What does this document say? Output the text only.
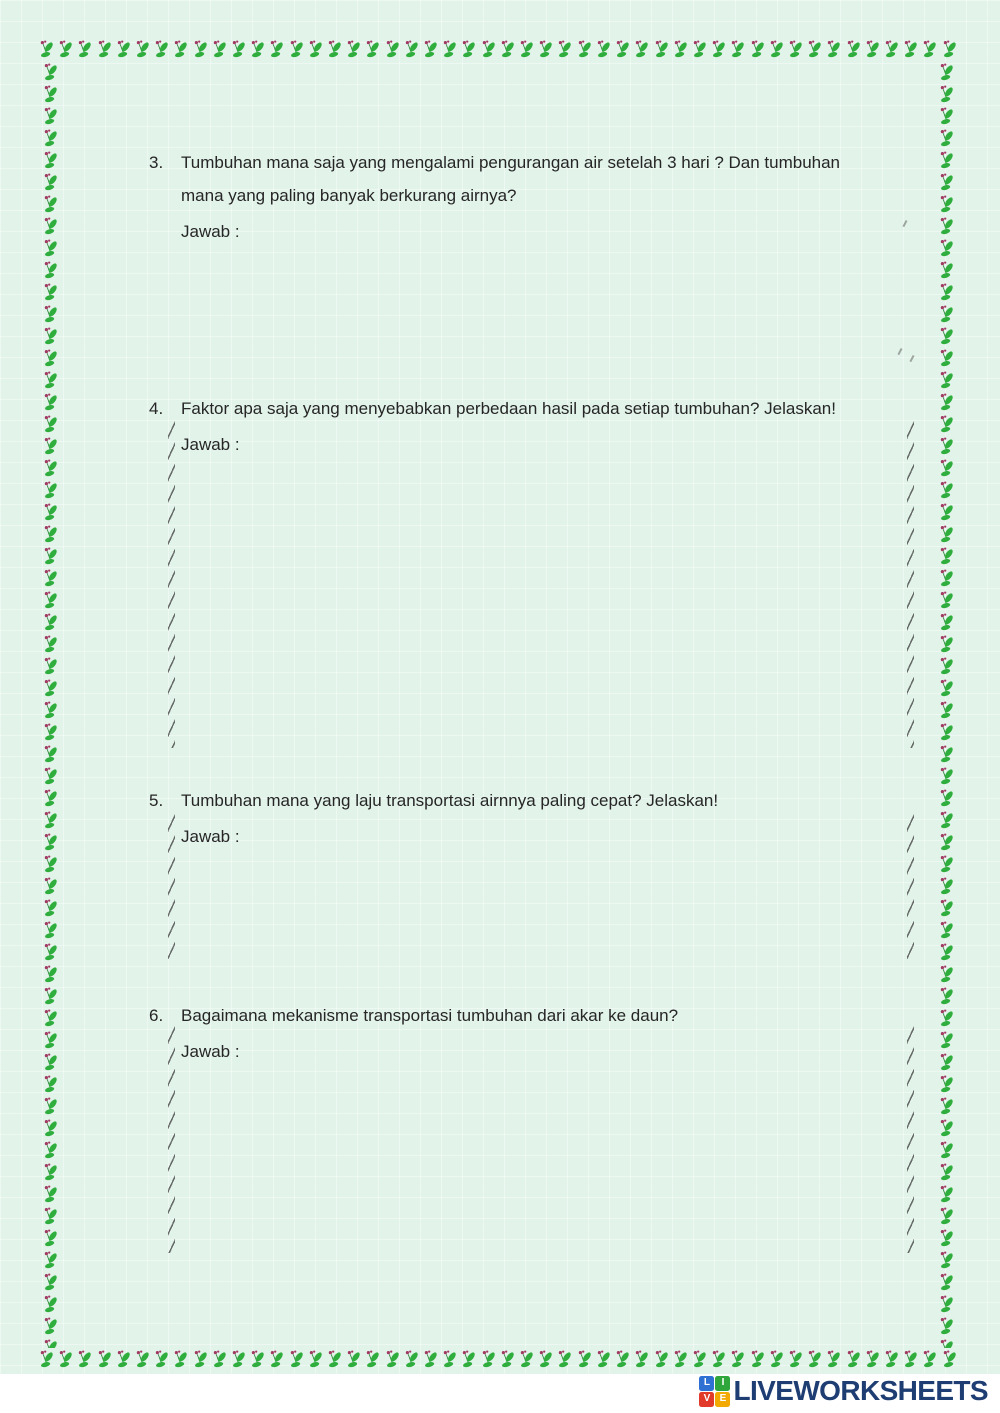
3.	Tumbuhan mana saja yang mengalami pengurangan air setelah 3 hari ? Dan tumbuhan
mana yang paling banyak berkurang airnya?
Jawab :
4.	Faktor apa saja yang menyebabkan perbedaan hasil pada setiap tumbuhan? Jelaskan!
Jawab :
5.	Tumbuhan mana yang laju transportasi airnnya paling cepat? Jelaskan!
Jawab :
6.	Bagaimana mekanisme transportasi tumbuhan dari akar ke daun?
Jawab :
L	I
V E LIVEWORKSHEETS
